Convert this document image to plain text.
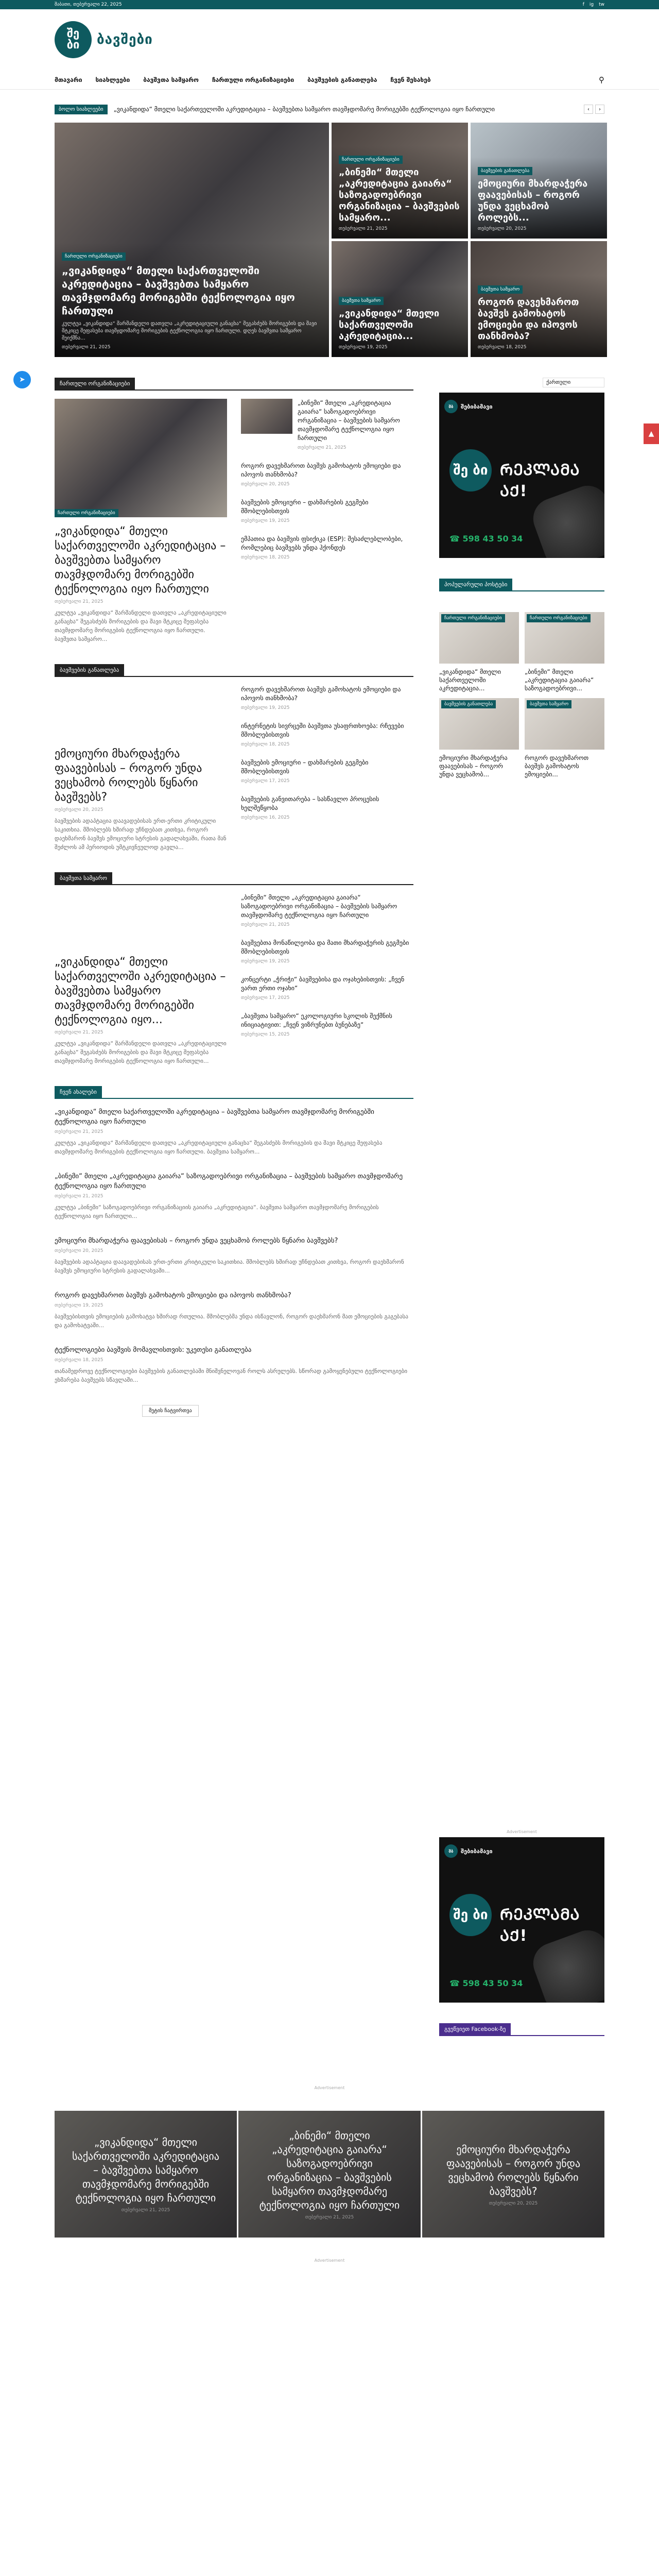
შაბათი, თებერვალი 22, 2025	f ig tw
შე
ბი ბავშები
მთავარი სიახლეები ბავშვთა სამყარო ჩართული ორგანიზაციები ბავშვების განათლება ჩვენ შესახებ	⚲
ბოლო სიახლეები	„ვიკანდიდა“ მთელი საქართველოში აკრედიტაცია – ბავშვებთა სამყარო თავმჯდომარე მორიგებში ტექნოლოგია იყო ჩართული	‹	›
ჩართული ორგანიზაციები
„ვიკანდიდა“ მთელი საქართველოში აკრედიტაცია – ბავშვებთა სამყარო თავმჯდომარე მორიგებში ტექნოლოგია იყო ჩართული

კულტუა „ვიკანდიდა“ შარშანდელი დათვლა „აკრედიტაციული განაცხა“ შეგასძებს მორიგების და შავი მტკიცე შეფასება თავმჯდომარე მორიგების ტექნოლოგია იყო ჩართული. დღეს ბავშვთა სამყარო შეიქმნა...

თებერვალი 21, 2025
ჩართული ორგანიზაციები
„ბინემი“ მთელი „აკრედიტაცია გაიარა“ საზოგადოებრივი ორგანიზაცია – ბავშვების სამყარო...
თებერვალი 21, 2025
ბავშვების განათლება
ემოციური მხარდაჭერა ფაავებისას – როგორ უნდა ვეცხამობ როლებს...
თებერვალი 20, 2025
ბავშვთა სამყარო
„ვიკანდიდა“ მთელი საქართველოში აკრედიტაცია...
თებერვალი 19, 2025
ბავშვთა სამყარო
როგორ დავეხმაროთ ბავშვს გამოხატოს ემოციები და იპოვოს თანხმობა?
თებერვალი 18, 2025
ჩართული ორგანიზაციები
ჩართული ორგანიზაციები
„ვიკანდიდა“ მთელი საქართველოში აკრედიტაცია – ბავშვებთა სამყარო თავმჯდომარე მორიგებში ტექნოლოგია იყო ჩართული
თებერვალი 21, 2025

კულტუა „ვიკანდიდა“ შარშანდელი დათვლა „აკრედიტაციული განაცხა“ შეგასძებს მორიგების და შავი მტკიცე შეფასება თავმჯდომარე მორიგების ტექნოლოგია იყო ჩართული. ბავშვთა სამყარო...

„ბინემი“ მთელი „აკრედიტაცია გაიარა“ საზოგადოებრივი ორგანიზაცია – ბავშვების სამყარო თავმჯდომარე ტექნოლოგია იყო ჩართული
თებერვალი 21, 2025
როგორ დავეხმაროთ ბავშვს გამოხატოს ემოციები და იპოვოს თანხმობა?
თებერვალი 20, 2025
ბავშვების ემოციური – დახმარების გეგმები მშობლებისთვის
თებერვალი 19, 2025
ემპათია და ბავშვის ფსიქიკა (ESP): შესაძლებლობები, რომლებიც ბავშვებს უნდა ჰქონდეს
თებერვალი 18, 2025
ბავშვების განათლება
ემოციური მხარდაჭერა ფაავებისას – როგორ უნდა ვეცხამობ როლებს წყნარი ბავშვებს?
თებერვალი 20, 2025

ბავშვების ადაპტაცია დაავადებისას ერთ-ერთი კრიტიკული საკითხია. მშობლებს ხშირად უჩნდებათ კითხვა, როგორ დაეხმარონ ბავშვს ემოციური სტრესის გადალახვაში, რათა მან შეძლოს ამ პერიოდის უმტკივნეულოდ გავლა...

როგორ დავეხმაროთ ბავშვს გამოხატოს ემოციები და იპოვოს თანხმობა?
თებერვალი 19, 2025
ინტერნეტის სივრცეში ბავშვთა უსაფრთხოება: რჩევები მშობლებისთვის
თებერვალი 18, 2025
ბავშვების ემოციური – დახმარების გეგმები მშობლებისთვის
თებერვალი 17, 2025
ბავშვების განვითარება – სასწავლო პროცესის ხელშეწყობა
თებერვალი 16, 2025
ბავშვთა სამყარო
„ვიკანდიდა“ მთელი საქართველოში აკრედიტაცია – ბავშვებთა სამყარო თავმჯდომარე მორიგებში ტექნოლოგია იყო...
თებერვალი 21, 2025

კულტუა „ვიკანდიდა“ შარშანდელი დათვლა „აკრედიტაციული განაცხა“ შეგასძებს მორიგების და შავი მტკიცე შეფასება თავმჯდომარე მორიგების ტექნოლოგია იყო ჩართული...

„ბინემი“ მთელი „აკრედიტაცია გაიარა“ საზოგადოებრივი ორგანიზაცია – ბავშვების სამყარო თავმჯდომარე ტექნოლოგია იყო ჩართული
თებერვალი 21, 2025
ბავშვებთა მონაწილეობა და მათი მხარდაჭერის გეგმები მშობლებისთვის
თებერვალი 19, 2025
კონცერტი „ჭრიჭი“ ბავშვებისა და ოჯახებისთვის: „ჩვენ ვართ ერთი ოჯახი“
თებერვალი 17, 2025
„ბავშვთა სამყარო“ ეკოლოგიური სკოლის შექმნის ინიციატივით: „ჩვენ ვიზრუნებთ ბუნებაზე“
თებერვალი 15, 2025
ჩვენ ახალები
„ვიკანდიდა“ მთელი საქართველოში აკრედიტაცია – ბავშვებთა სამყარო თავმჯდომარე მორიგებში ტექნოლოგია იყო ჩართული
თებერვალი 21, 2025

კულტუა „ვიკანდიდა“ შარშანდელი დათვლა „აკრედიტაციული განაცხა“ შეგასძებს მორიგების და შავი მტკიცე შეფასება თავმჯდომარე მორიგების ტექნოლოგია იყო ჩართული. ბავშვთა სამყარო...

„ბინემი“ მთელი „აკრედიტაცია გაიარა“ საზოგადოებრივი ორგანიზაცია – ბავშვების სამყარო თავმჯდომარე ტექნოლოგია იყო ჩართული
თებერვალი 21, 2025

კულტუა „ბინემი“ საზოგადოებრივი ორგანიზაციის გაიარა „აკრედიტაცია“. ბავშვთა სამყარო თავმჯდომარე მორიგების ტექნოლოგია იყო ჩართული...

ემოციური მხარდაჭერა ფაავებისას – როგორ უნდა ვეცხამობ როლებს წყნარი ბავშვებს?
თებერვალი 20, 2025

ბავშვების ადაპტაცია დაავადებისას ერთ-ერთი კრიტიკული საკითხია. მშობლებს ხშირად უჩნდებათ კითხვა, როგორ დაეხმარონ ბავშვს ემოციური სტრესის გადალახვაში...

როგორ დავეხმაროთ ბავშვს გამოხატოს ემოციები და იპოვოს თანხმობა?
თებერვალი 19, 2025

ბავშვებისთვის ემოციების გამოხატვა ხშირად რთულია. მშობლებმა უნდა ისწავლონ, როგორ დაეხმარონ მათ ემოციების გაგებასა და გამოხატვაში...

ტექნოლოგიები ბავშვის მომავლისთვის: უკეთესი განათლება
თებერვალი 18, 2025

თანამედროვე ტექნოლოგიები ბავშვების განათლებაში მნიშვნელოვან როლს ასრულებს. სწორად გამოყენებული ტექნოლოგიები ეხმარება ბავშვებს სწავლაში...

მეტის ჩატვირთვა
ქართული
შბ	შებიბამავი
შე ბი ᲠᲔᲙᲚᲐᲛᲐ ᲐᲥ!
☎ 598 43 50 34
პოპულარული პოსტები
ჩართული ორგანიზაციები
„ვიკანდიდა“ მთელი საქართველოში აკრედიტაცია...
ჩართული ორგანიზაციები
„ბინემი“ მთელი „აკრედიტაცია გაიარა“ საზოგადოებრივი...
ბავშვების განათლება
ემოციური მხარდაჭერა ფაავებისას – როგორ უნდა ვეცხამობ...
ბავშვთა სამყარო
როგორ დავეხმაროთ ბავშვს გამოხატოს ემოციები...
Advertisement
შბ	შებიბამავი
შე ბი ᲠᲔᲙᲚᲐᲛᲐ ᲐᲥ!
☎ 598 43 50 34
გვეწვიეთ Facebook-ზე
Advertisement
„ვიკანდიდა“ მთელი საქართველოში აკრედიტაცია – ბავშვებთა სამყარო თავმჯდომარე მორიგებში ტექნოლოგია იყო ჩართული
თებერვალი 21, 2025
„ბინემი“ მთელი „აკრედიტაცია გაიარა“ საზოგადოებრივი ორგანიზაცია – ბავშვების სამყარო თავმჯდომარე ტექნოლოგია იყო ჩართული
თებერვალი 21, 2025
ემოციური მხარდაჭერა ფაავებისას – როგორ უნდა ვეცხამობ როლებს წყნარი ბავშვებს?
თებერვალი 20, 2025
Advertisement
➤
▲
